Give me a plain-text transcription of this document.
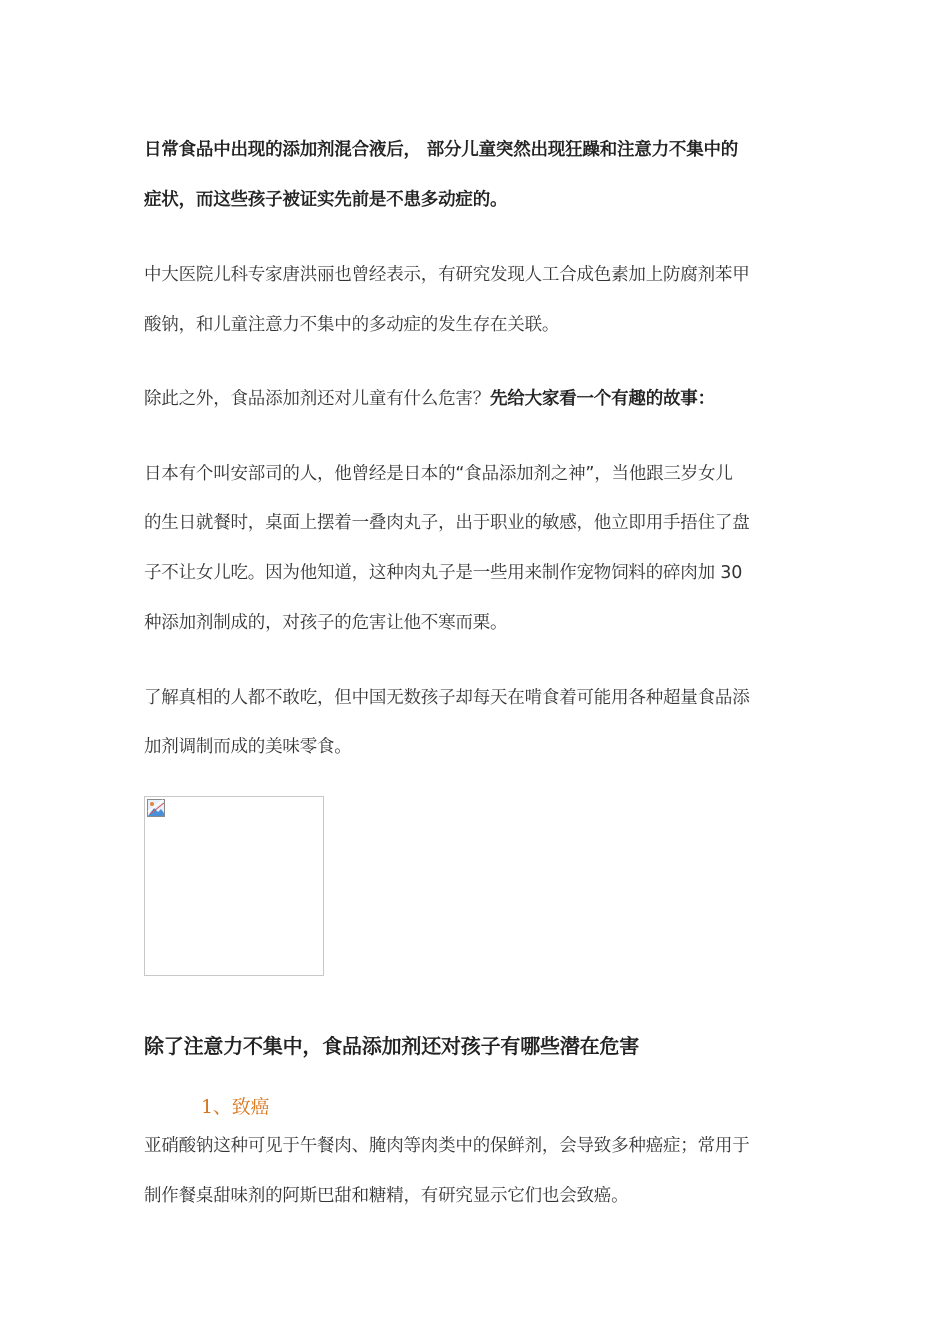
日常食品中出现的添加剂混合液后， 部分儿童突然出现狂躁和注意力不集中的
症状，而这些孩子被证实先前是不患多动症的。
中大医院儿科专家唐洪丽也曾经表示，有研究发现人工合成色素加上防腐剂苯甲
酸钠，和儿童注意力不集中的多动症的发生存在关联。
除此之外，食品添加剂还对儿童有什么危害？先给大家看一个有趣的故事：
日本有个叫安部司的人，他曾经是日本的“食品添加剂之神”，当他跟三岁女儿
的生日就餐时，桌面上摆着一叠肉丸子，出于职业的敏感，他立即用手捂住了盘
子不让女儿吃。因为他知道，这种肉丸子是一些用来制作宠物饲料的碎肉加 30
种添加剂制成的，对孩子的危害让他不寒而栗。
了解真相的人都不敢吃，但中国无数孩子却每天在啃食着可能用各种超量食品添
加剂调制而成的美味零食。
除了注意力不集中，食品添加剂还对孩子有哪些潜在危害
1、致癌
亚硝酸钠这种可见于午餐肉、腌肉等肉类中的保鲜剂，会导致多种癌症；常用于
制作餐桌甜味剂的阿斯巴甜和糖精，有研究显示它们也会致癌。
